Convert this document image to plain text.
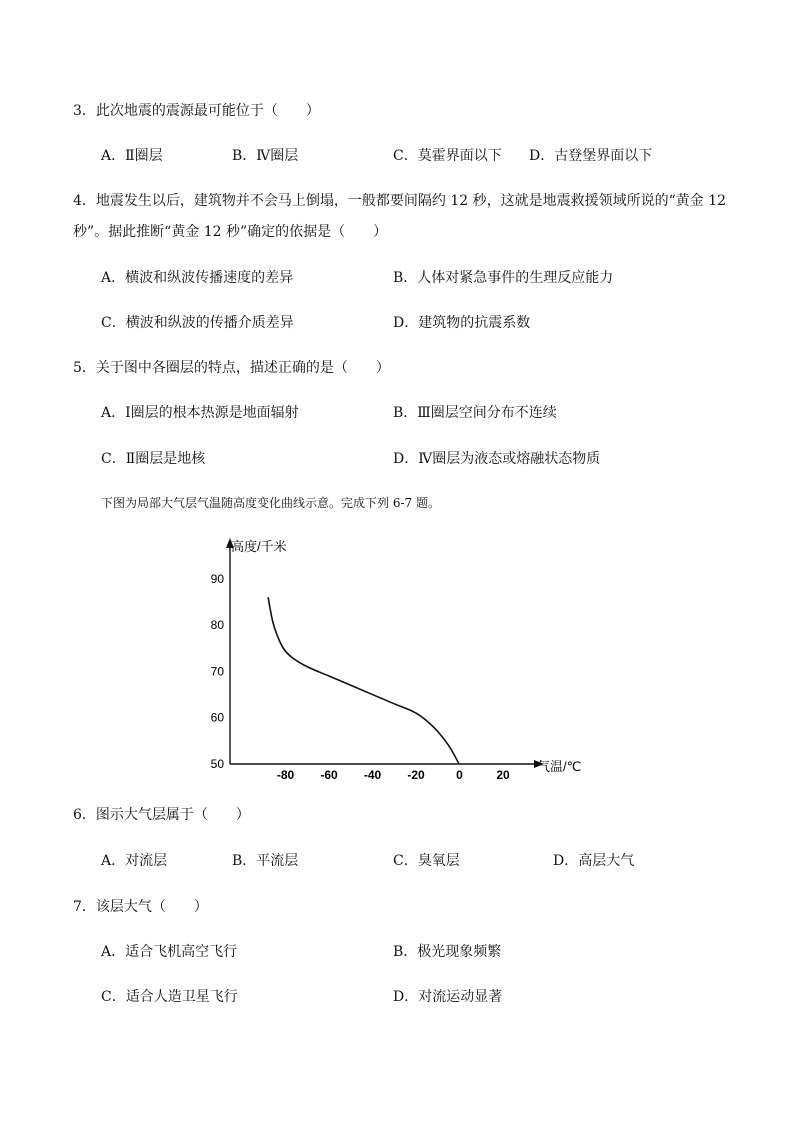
3．此次地震的震源最可能位于（　　）
A．Ⅱ圈层	B．Ⅳ圈层	C．莫霍界面以下 D．古登堡界面以下
4．地震发生以后，建筑物并不会马上倒塌，一般都要间隔约 12 秒，这就是地震救援领域所说的“黄金 12
秒”。据此推断“黄金 12 秒”确定的依据是（　　）
A．横波和纵波传播速度的差异	B．人体对紧急事件的生理反应能力
C．横波和纵波的传播介质差异	D．建筑物的抗震系数
5．关于图中各圈层的特点，描述正确的是（　　）
A．Ⅰ圈层的根本热源是地面辐射	B．Ⅲ圈层空间分布不连续
C．Ⅱ圈层是地核	D．Ⅳ圈层为液态或熔融状态物质
下图为局部大气层气温随高度变化曲线示意。完成下列 6-7 题。
50
60
70
80
90
-80 -60 -40 -20	0	20
高度/千米
气温/℃
6．图示大气层属于（　　）
A．对流层	B．平流层	C．臭氧层	D．高层大气
7．该层大气（　　）
A．适合飞机高空飞行	B．极光现象频繁
C．适合人造卫星飞行	D．对流运动显著
